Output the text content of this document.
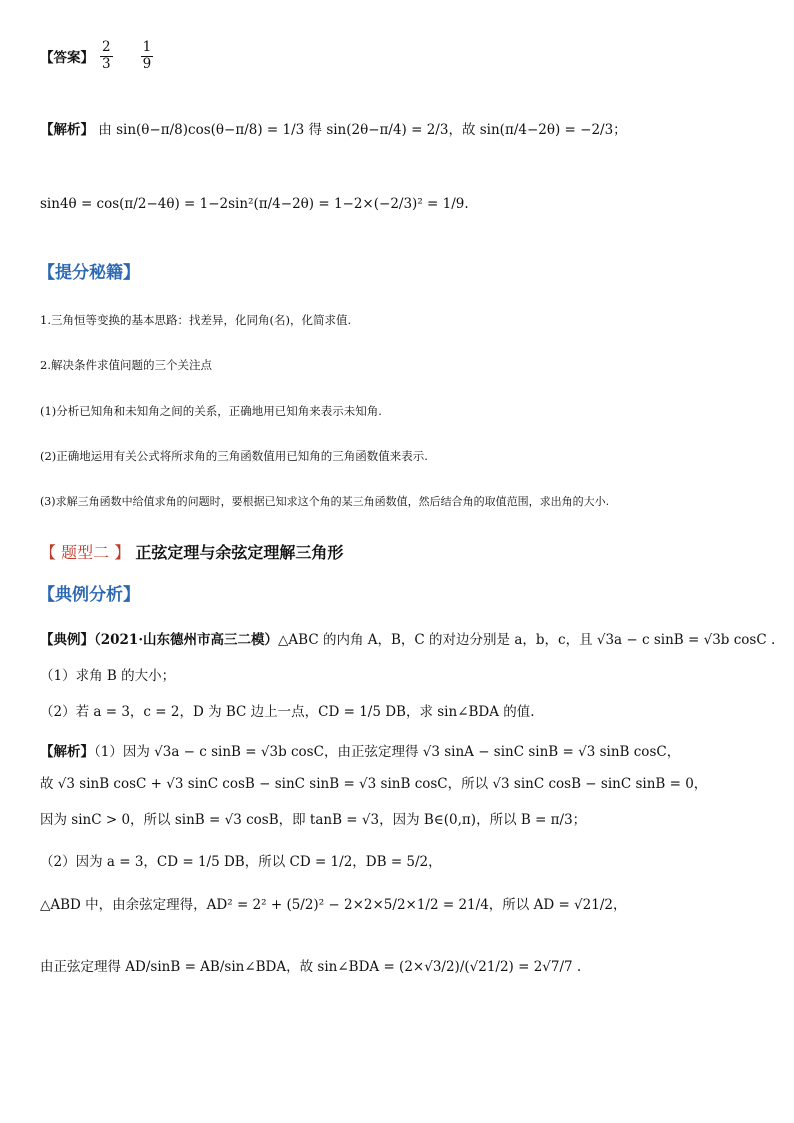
【答案】 $\frac{2}{3} \frac{1}{9}$
【解析】 由 sin(θ−π/8)cos(θ−π/8) = 1/3 得 sin(2θ−π/4) = 2/3，故 sin(π/4−2θ) = −2/3；
sin4θ = cos(π/2−4θ) = 1−2sin²(π/4−2θ) = 1−2×(−2/3)² = 1/9.
【提分秘籍】
1.三角恒等变换的基本思路：找差异，化同角(名)，化简求值.
2.解决条件求值问题的三个关注点
(1)分析已知角和未知角之间的关系，正确地用已知角来表示未知角.
(2)正确地运用有关公式将所求角的三角函数值用已知角的三角函数值来表示.
(3)求解三角函数中给值求角的问题时，要根据已知求这个角的某三角函数值，然后结合角的取值范围，求出角的大小.
【 题型二 】 正弦定理与余弦定理解三角形
【典例分析】
【典例】（2021·山东德州市高三二模）△ABC 的内角 A，B，C 的对边分别是 a，b，c，且 √3a − c sinB = √3b cosC .
（1）求角 B 的大小；
（2）若 a = 3，c = 2，D 为 BC 边上一点，CD = 1/5 DB，求 sin∠BDA 的值.
【解析】（1）因为 √3a − c sinB = √3b cosC，由正弦定理得 √3 sinA − sinC sinB = √3 sinB cosC，
故 √3 sinB cosC + √3 sinC cosB − sinC sinB = √3 sinB cosC，所以 √3 sinC cosB − sinC sinB = 0，
因为 sinC > 0，所以 sinB = √3 cosB，即 tanB = √3，因为 B∈(0,π)，所以 B = π/3；
（2）因为 a = 3，CD = 1/5 DB，所以 CD = 1/2，DB = 5/2，
△ABD 中，由余弦定理得，AD² = 2² + (5/2)² − 2×2×5/2×1/2 = 21/4，所以 AD = √21/2，
由正弦定理得 AD/sinB = AB/sin∠BDA，故 sin∠BDA = (2×√3/2)/(√21/2) = 2√7/7 .
